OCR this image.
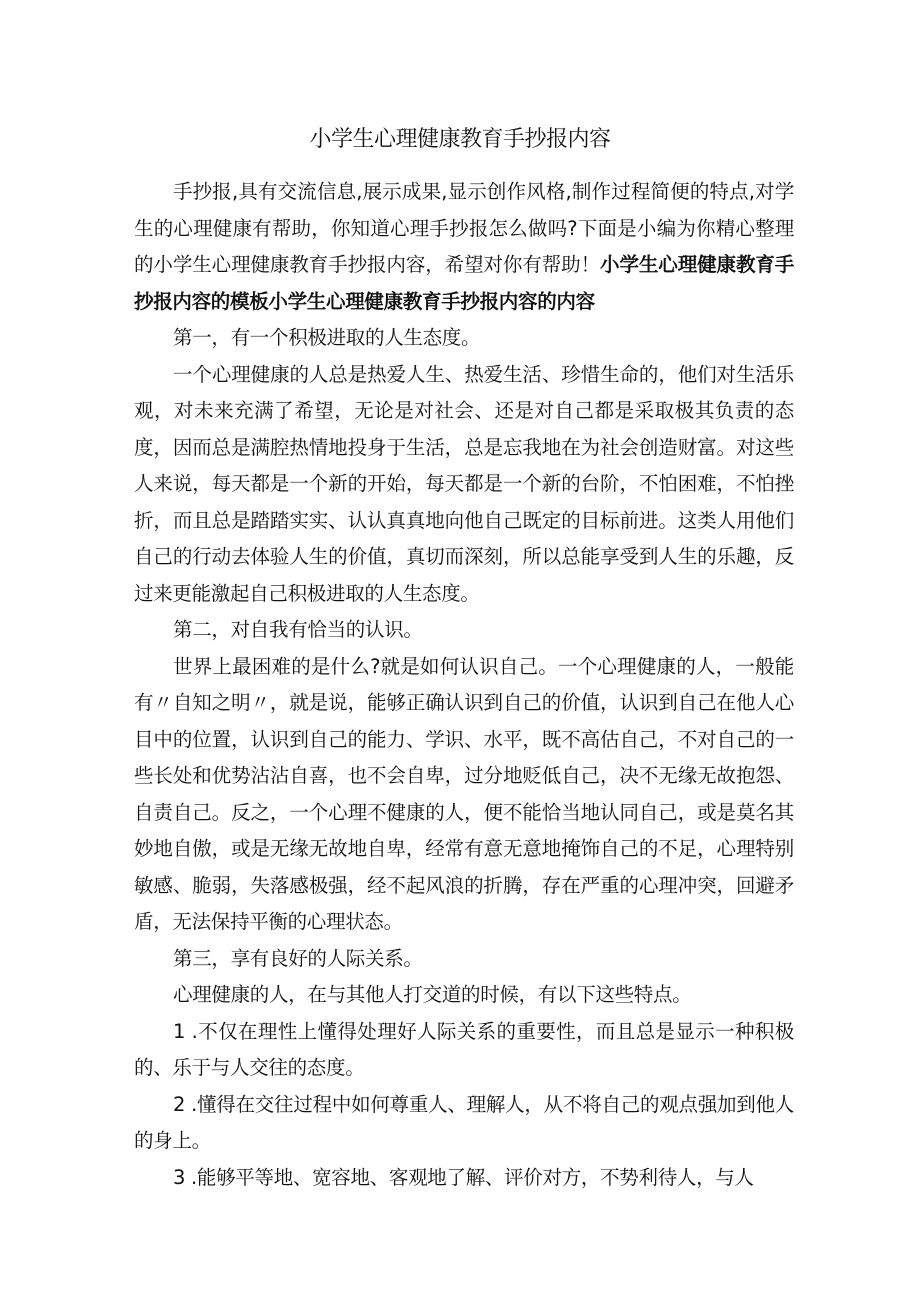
小学生心理健康教育手抄报内容

手抄报,具有交流信息,展示成果,显示创作风格,制作过程简便的特点,对学生的心理健康有帮助，你知道心理手抄报怎么做吗?下面是小编为你精心整理的小学生心理健康教育手抄报内容，希望对你有帮助！小学生心理健康教育手抄报内容的模板小学生心理健康教育手抄报内容的内容

第一，有一个积极进取的人生态度。

一个心理健康的人总是热爱人生、热爱生活、珍惜生命的，他们对生活乐观，对未来充满了希望，无论是对社会、还是对自己都是采取极其负责的态度，因而总是满腔热情地投身于生活，总是忘我地在为社会创造财富。对这些人来说，每天都是一个新的开始，每天都是一个新的台阶，不怕困难，不怕挫折，而且总是踏踏实实、认认真真地向他自己既定的目标前进。这类人用他们自己的行动去体验人生的价值，真切而深刻，所以总能享受到人生的乐趣，反过来更能激起自己积极进取的人生态度。

第二，对自我有恰当的认识。

世界上最困难的是什么?就是如何认识自己。一个心理健康的人，一般能有〃自知之明〃，就是说，能够正确认识到自己的价值，认识到自己在他人心目中的位置，认识到自己的能力、学识、水平，既不高估自己，不对自己的一些长处和优势沾沾自喜，也不会自卑，过分地贬低自己，决不无缘无故抱怨、自责自己。反之，一个心理不健康的人，便不能恰当地认同自己，或是莫名其妙地自傲，或是无缘无故地自卑，经常有意无意地掩饰自己的不足，心理特别敏感、脆弱，失落感极强，经不起风浪的折腾，存在严重的心理冲突，回避矛盾，无法保持平衡的心理状态。

第三，享有良好的人际关系。

心理健康的人，在与其他人打交道的时候，有以下这些特点。

1 .不仅在理性上懂得处理好人际关系的重要性，而且总是显示一种积极的、乐于与人交往的态度。

2 .懂得在交往过程中如何尊重人、理解人，从不将自己的观点强加到他人的身上。

3 .能够平等地、宽容地、客观地了解、评价对方，不势利待人，与人
